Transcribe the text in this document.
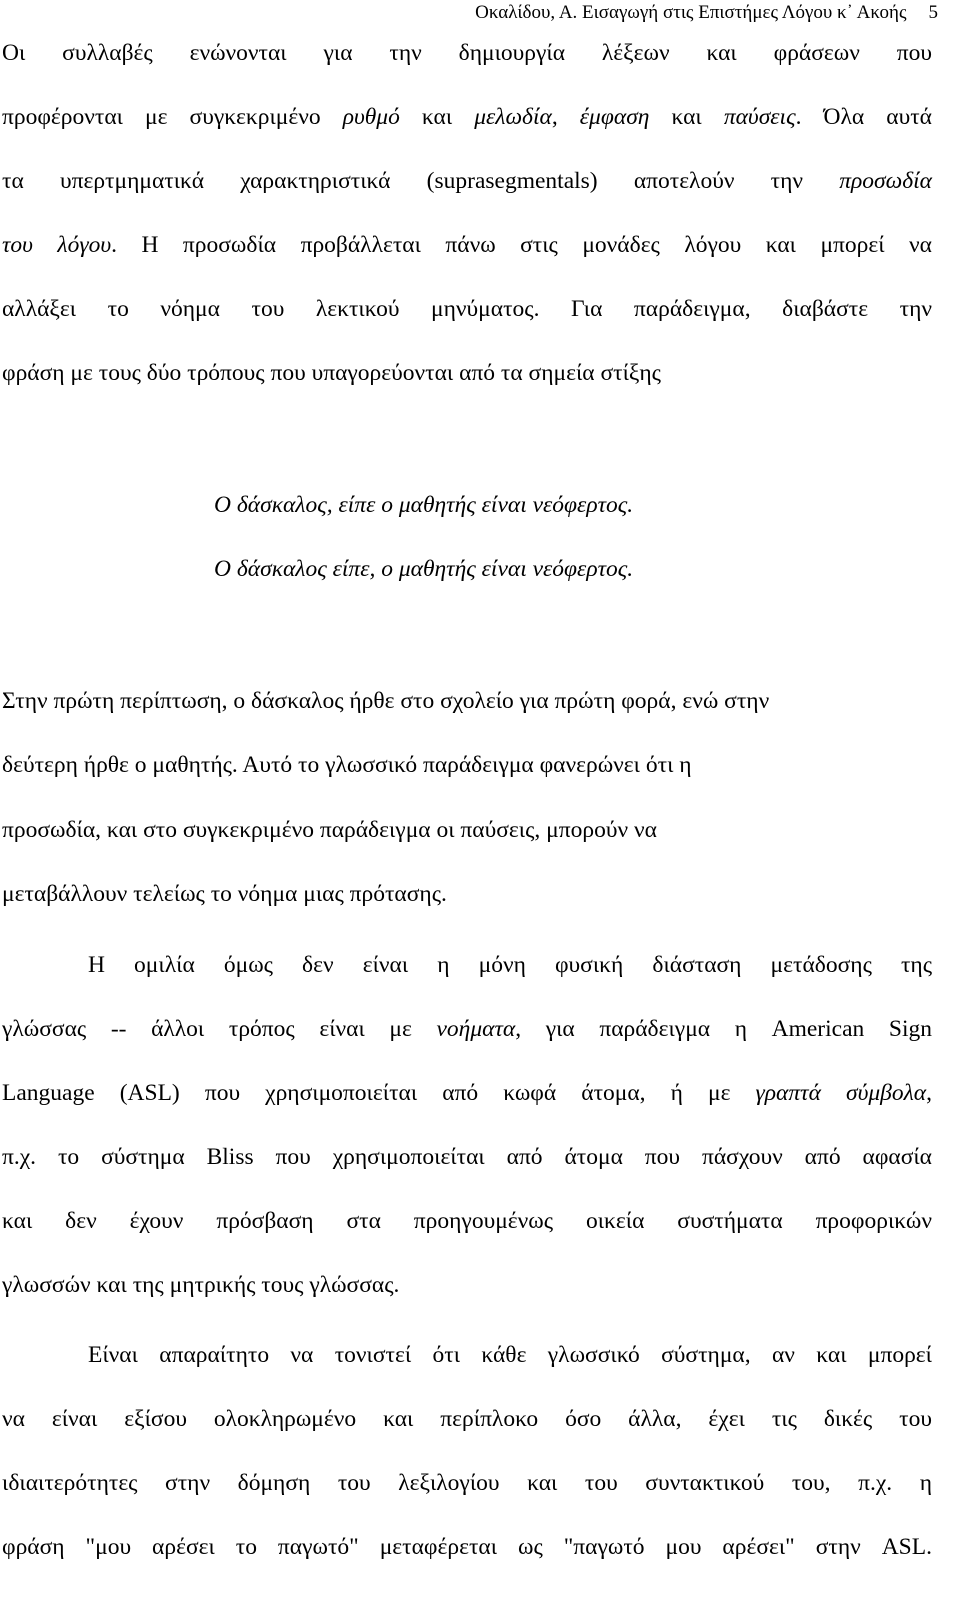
Οκαλίδου, Α. Εισαγωγή στις Επιστήμες Λόγου κ᾽ Ακοής 5
Οι συλλαβές ενώνονται για την δημιουργία λέξεων και φράσεων που
προφέρονται με συγκεκριμένο ρυθμό και μελωδία, έμφαση και παύσεις. Όλα αυτά
τα υπερτμηματικά χαρακτηριστικά (suprasegmentals) αποτελούν την προσωδία
του λόγου. Η προσωδία προβάλλεται πάνω στις μονάδες λόγου και μπορεί να
αλλάξει το νόημα του λεκτικού μηνύματος. Για παράδειγμα, διαβάστε την
φράση με τους δύο τρόπους που υπαγορεύονται από τα σημεία στίξης
Ο δάσκαλος, είπε ο μαθητής είναι νεόφερτος.
Ο δάσκαλος είπε, ο μαθητής είναι νεόφερτος.
Στην πρώτη περίπτωση, ο δάσκαλος ήρθε στο σχολείο για πρώτη φορά, ενώ στην
δεύτερη ήρθε ο μαθητής. Αυτό το γλωσσικό παράδειγμα φανερώνει ότι η
προσωδία, και στο συγκεκριμένο παράδειγμα οι παύσεις, μπορούν να
μεταβάλλουν τελείως το νόημα μιας πρότασης.
Η ομιλία όμως δεν είναι η μόνη φυσική διάσταση μετάδοσης της
γλώσσας -- άλλοι τρόπος είναι με νοήματα, για παράδειγμα η American Sign
Language (ASL) που χρησιμοποιείται από κωφά άτομα, ή με γραπτά σύμβολα,
π.χ. το σύστημα Bliss που χρησιμοποιείται από άτομα που πάσχουν από αφασία
και δεν έχουν πρόσβαση στα προηγουμένως οικεία συστήματα προφορικών
γλωσσών και της μητρικής τους γλώσσας.
Είναι απαραίτητο να τονιστεί ότι κάθε γλωσσικό σύστημα, αν και μπορεί
να είναι εξίσου ολοκληρωμένο και περίπλοκο όσο άλλα, έχει τις δικές του
ιδιαιτερότητες στην δόμηση του λεξιλογίου και του συντακτικού του, π.χ. η
φράση "μου αρέσει το παγωτό" μεταφέρεται ως "παγωτό μου αρέσει" στην ASL.
